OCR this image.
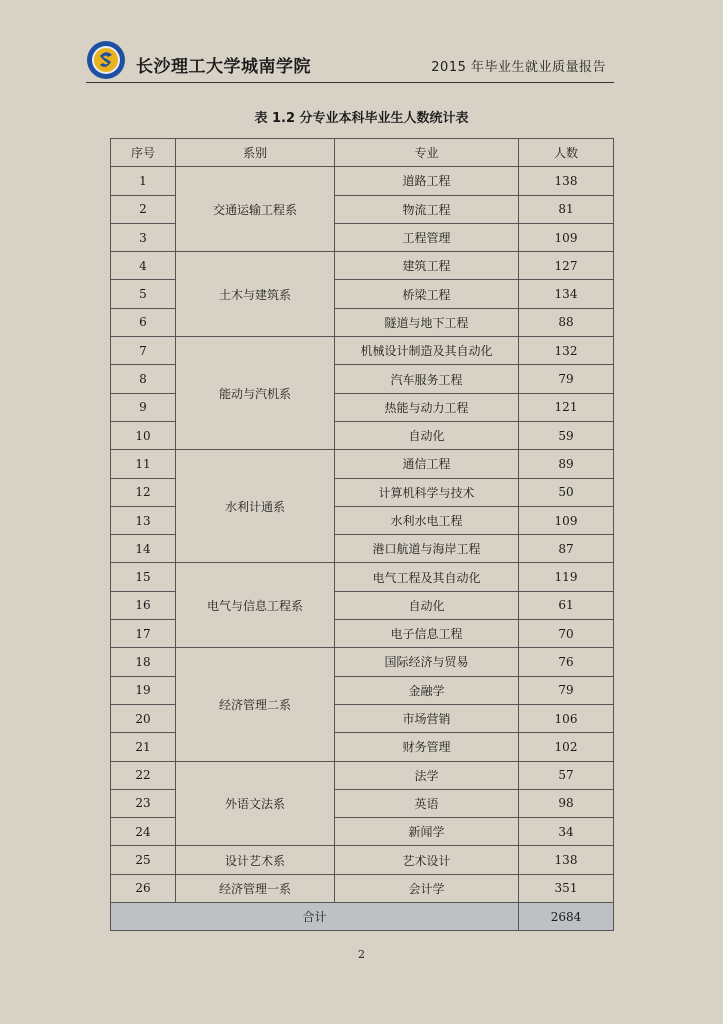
长沙理工大学城南学院	2015 年毕业生就业质量报告
表 1.2 分专业本科毕业生人数统计表
序号	系别	专业	人数
1	交通运输工程系	道路工程	138
2		物流工程	81
3		工程管理	109
4	土木与建筑系	建筑工程	127
5		桥梁工程	134
6		隧道与地下工程	88
7	能动与汽机系	机械设计制造及其自动化	132
8		汽车服务工程	79
9		热能与动力工程	121
10		自动化	59
11	水利计通系	通信工程	89
12		计算机科学与技术	50
13		水利水电工程	109
14		港口航道与海岸工程	87
15	电气与信息工程系	电气工程及其自动化	119
16		自动化	61
17		电子信息工程	70
18	经济管理二系	国际经济与贸易	76
19		金融学	79
20		市场营销	106
21		财务管理	102
22	外语文法系	法学	57
23		英语	98
24		新闻学	34
25	设计艺术系	艺术设计	138
26	经济管理一系	会计学	351
合计			2684
2
